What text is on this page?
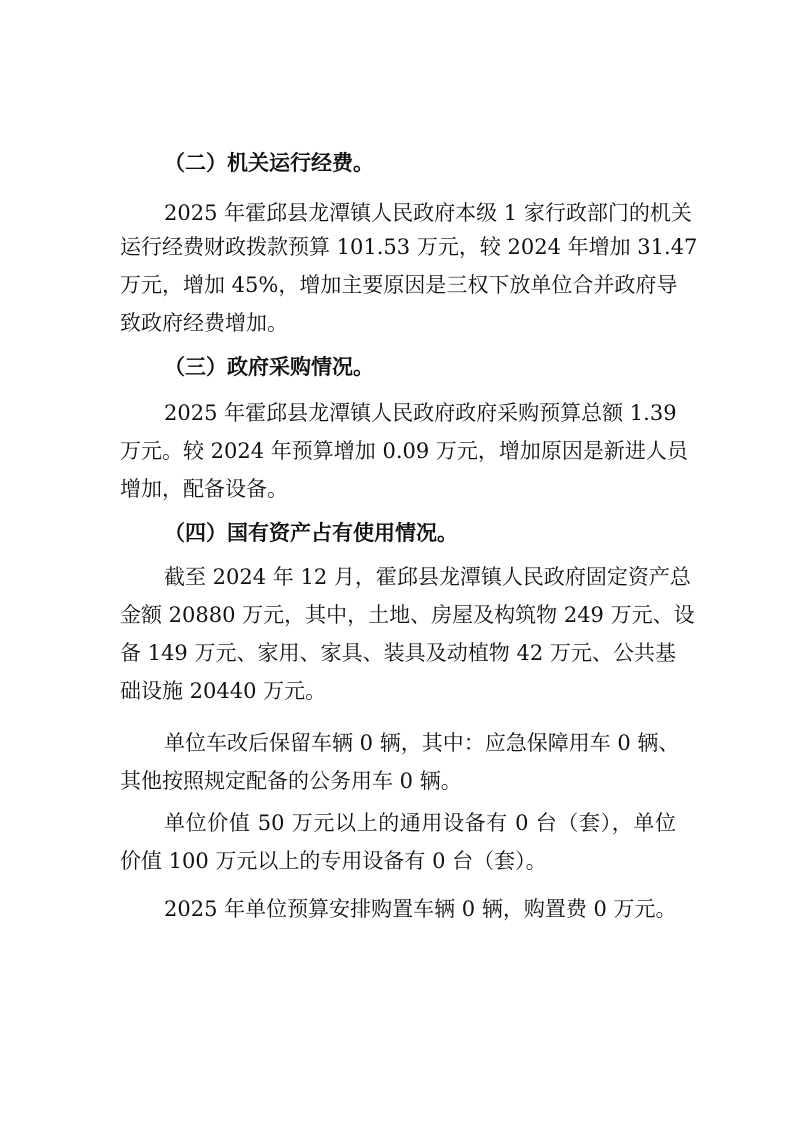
（二）机关运行经费。
2025 年霍邱县龙潭镇人民政府本级 1 家行政部门的机关
运行经费财政拨款预算 101.53 万元，较 2024 年增加 31.47
万元，增加 45%，增加主要原因是三权下放单位合并政府导
致政府经费增加。
（三）政府采购情况。
2025 年霍邱县龙潭镇人民政府政府采购预算总额 1.39
万元。较 2024 年预算增加 0.09 万元，增加原因是新进人员
增加，配备设备。
（四）国有资产占有使用情况。
截至 2024 年 12 月，霍邱县龙潭镇人民政府固定资产总
金额 20880 万元，其中，土地、房屋及构筑物 249 万元、设
备 149 万元、家用、家具、装具及动植物 42 万元、公共基
础设施 20440 万元。
单位车改后保留车辆 0 辆，其中：应急保障用车 0 辆、
其他按照规定配备的公务用车 0 辆。
单位价值 50 万元以上的通用设备有 0 台（套），单位
价值 100 万元以上的专用设备有 0 台（套）。
2025 年单位预算安排购置车辆 0 辆，购置费 0 万元。
